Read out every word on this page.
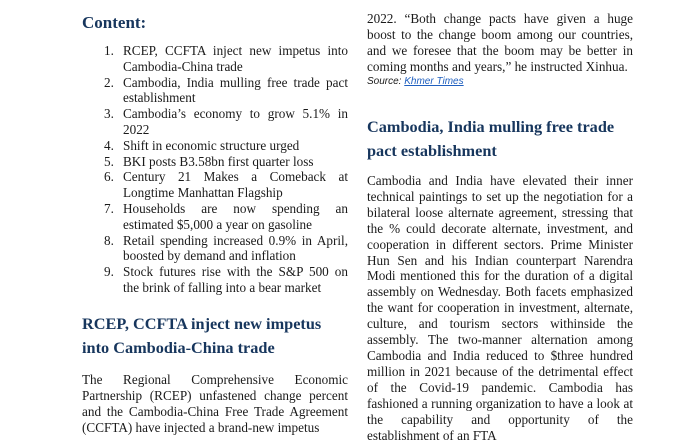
Content:
1. RCEP, CCFTA inject new impetus into Cambodia-China trade
2. Cambodia, India mulling free trade pact establishment
3. Cambodia’s economy to grow 5.1% in 2022
4. Shift in economic structure urged
5. BKI posts B3.58bn first quarter loss
6. Century 21 Makes a Comeback at Longtime Manhattan Flagship
7. Households are now spending an estimated $5,000 a year on gasoline
8. Retail spending increased 0.9% in April, boosted by demand and inflation
9. Stock futures rise with the S&P 500 on the brink of falling into a bear market
RCEP, CCFTA inject new impetus into Cambodia-China trade

The Regional Comprehensive Economic Partnership (RCEP) unfastened change percent and the Cambodia-China Free Trade Agreement (CCFTA) have injected a brand-new impetus

2022. “Both change pacts have given a huge boost to the change boom among our countries, and we foresee that the boom may be better in coming months and years,” he instructed Xinhua.

Source: Khmer Times

Cambodia, India mulling free trade pact establishment

Cambodia and India have elevated their inner technical paintings to set up the negotiation for a bilateral loose alternate agreement, stressing that the % could decorate alternate, investment, and cooperation in different sectors. Prime Minister Hun Sen and his Indian counterpart Narendra Modi mentioned this for the duration of a digital assembly on Wednesday. Both facets emphasized the want for cooperation in investment, alternate, culture, and tourism sectors withinside the assembly. The two-manner alternation among Cambodia and India reduced to $three hundred million in 2021 because of the detrimental effect of the Covid-19 pandemic. Cambodia has fashioned a running organization to have a look at the capability and opportunity of the establishment of an FTA
